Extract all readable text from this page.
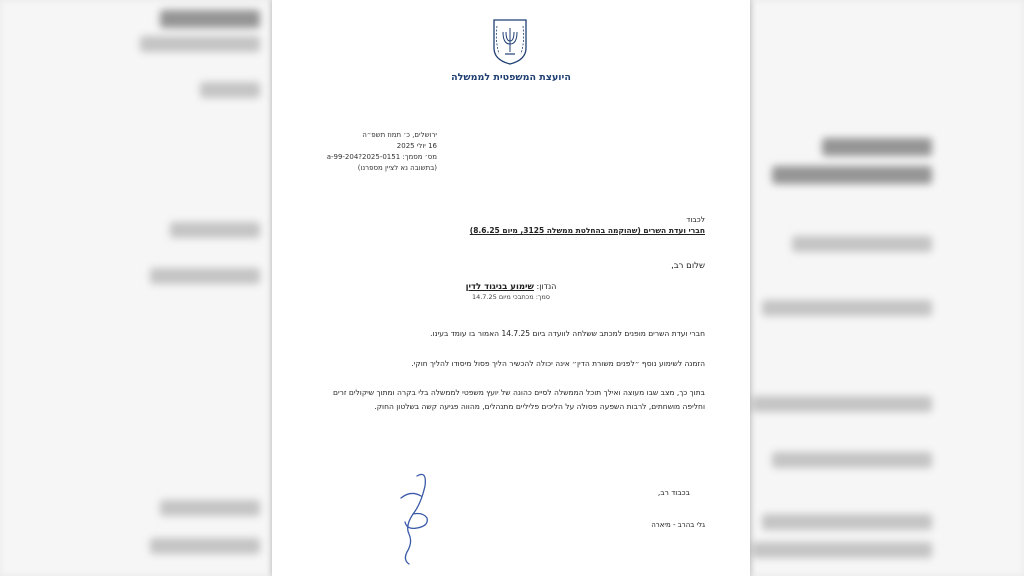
היועצת המשפטית לממשלה
ירושלים, כ׳ תמוז תשפ״ה
16 יולי 2025
מס׳ מסמך: 2025-0151?a-99-204
(בתשובה נא לציין מספרנו)
לכבוד
חברי ועדת השרים (שהוקמה בהחלטת ממשלה 3125, מיום 8.6.25)
שלום רב,
הנדון: שימוע בניגוד לדין
סמך: מכתבכי מיום 14.7.25
חברי ועדת השרים מופנים למכתב ששלחה לוועדה ביום 14.7.25 האמור בו עומד בעינו.
הזמנה לשימוע נוסף ״לפנים משורת הדין״ אינה יכולה להכשיר הליך פסול מיסודו להליך חוקי.
בתוך כך, מצב שבו מעוצה ואילך תוכל הממשלה לסיים כהונה של יועץ משפטי לממשלה בלי בקרה ומתוך שיקולים זרים וחליפה מושחתים, לרבות השפעה פסולה על הליכים פליליים מתנהלים, מהווה פגיעה קשה בשלטון החוק.
בכבוד רב,
גלי בהרב - מיארה
